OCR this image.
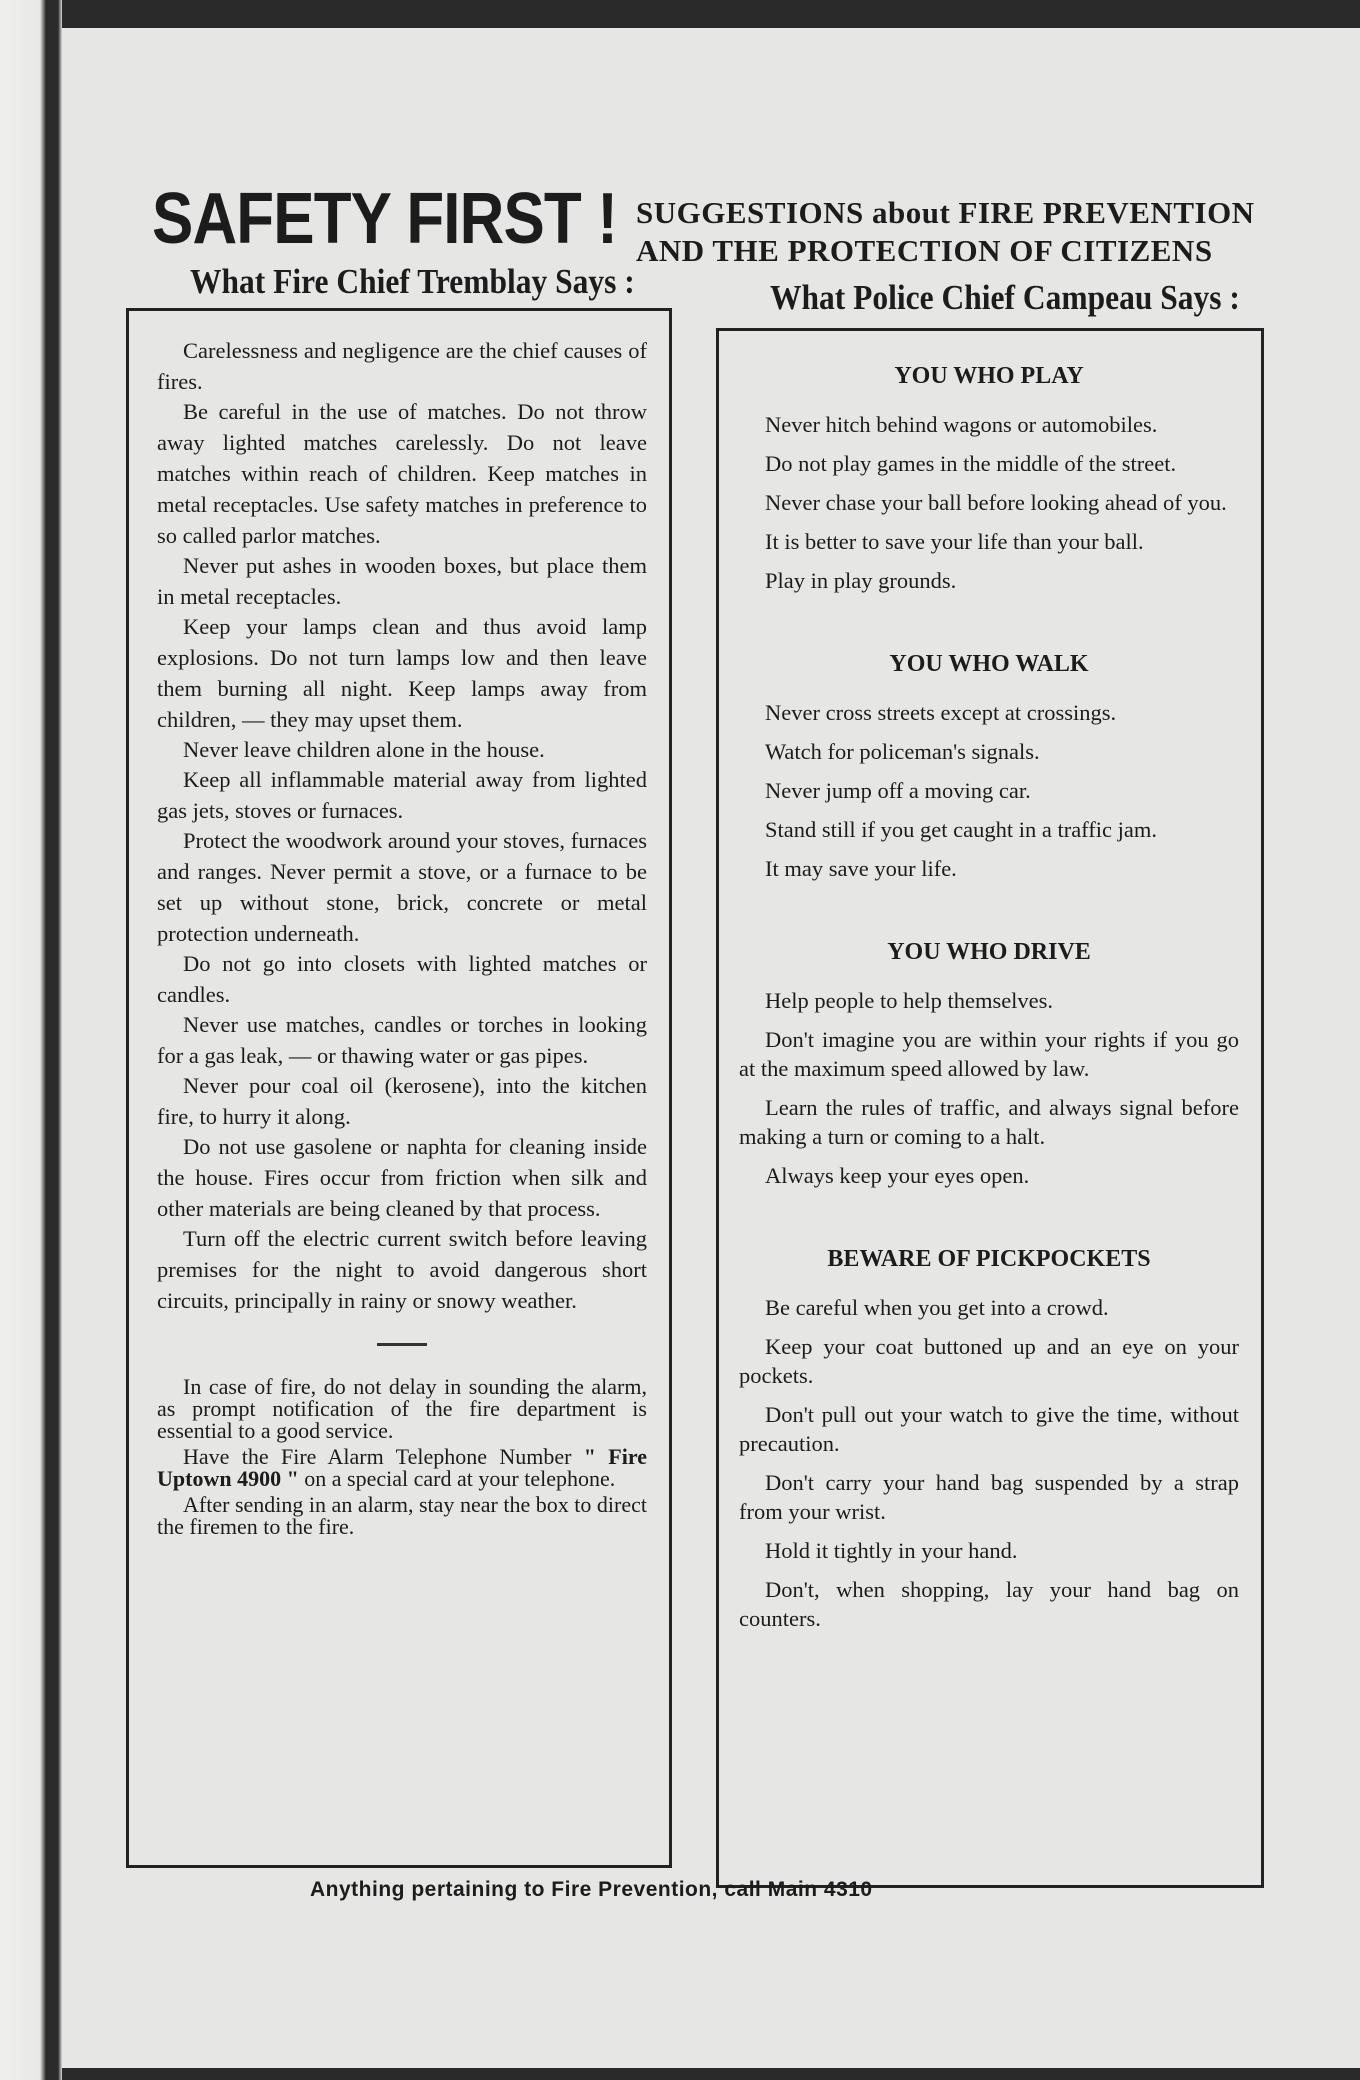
SAFETY FIRST ! SUGGESTIONS about FIRE PREVENTION
AND THE PROTECTION OF CITIZENS
What Fire Chief Tremblay Says :	What Police Chief Campeau Says :

Carelessness and negligence are the chief causes of fires.

Be careful in the use of matches. Do not throw away lighted matches carelessly. Do not leave matches within reach of children. Keep matches in metal receptacles. Use safety matches in preference to so called parlor matches.

Never put ashes in wooden boxes, but place them in metal receptacles.

Keep your lamps clean and thus avoid lamp explosions. Do not turn lamps low and then leave them burning all night. Keep lamps away from children, — they may upset them.

Never leave children alone in the house.

Keep all inflammable material away from lighted gas jets, stoves or furnaces.

Protect the woodwork around your stoves, furnaces and ranges. Never permit a stove, or a furnace to be set up without stone, brick, concrete or metal protection underneath.

Do not go into closets with lighted matches or candles.

Never use matches, candles or torches in looking for a gas leak, — or thawing water or gas pipes.

Never pour coal oil (kerosene), into the kitchen fire, to hurry it along.

Do not use gasolene or naphta for cleaning inside the house. Fires occur from friction when silk and other materials are being cleaned by that process.

Turn off the electric current switch before leaving premises for the night to avoid dangerous short circuits, principally in rainy or snowy weather.

In case of fire, do not delay in sounding the alarm, as prompt notification of the fire department is essential to a good service.

Have the Fire Alarm Telephone Number " Fire Uptown 4900 " on a special card at your telephone.

After sending in an alarm, stay near the box to direct the firemen to the fire.

YOU WHO PLAY

Never hitch behind wagons or automobiles.

Do not play games in the middle of the street.

Never chase your ball before looking ahead of you.

It is better to save your life than your ball.

Play in play grounds.

YOU WHO WALK

Never cross streets except at crossings.

Watch for policeman's signals.

Never jump off a moving car.

Stand still if you get caught in a traffic jam.

It may save your life.

YOU WHO DRIVE

Help people to help themselves.

Don't imagine you are within your rights if you go at the maximum speed allowed by law.

Learn the rules of traffic, and always signal before making a turn or coming to a halt.

Always keep your eyes open.

BEWARE OF PICKPOCKETS

Be careful when you get into a crowd.

Keep your coat buttoned up and an eye on your pockets.

Don't pull out your watch to give the time, without precaution.

Don't carry your hand bag suspended by a strap from your wrist.

Hold it tightly in your hand.

Don't, when shopping, lay your hand bag on counters.

Anything pertaining to Fire Prevention, call Main 4310
